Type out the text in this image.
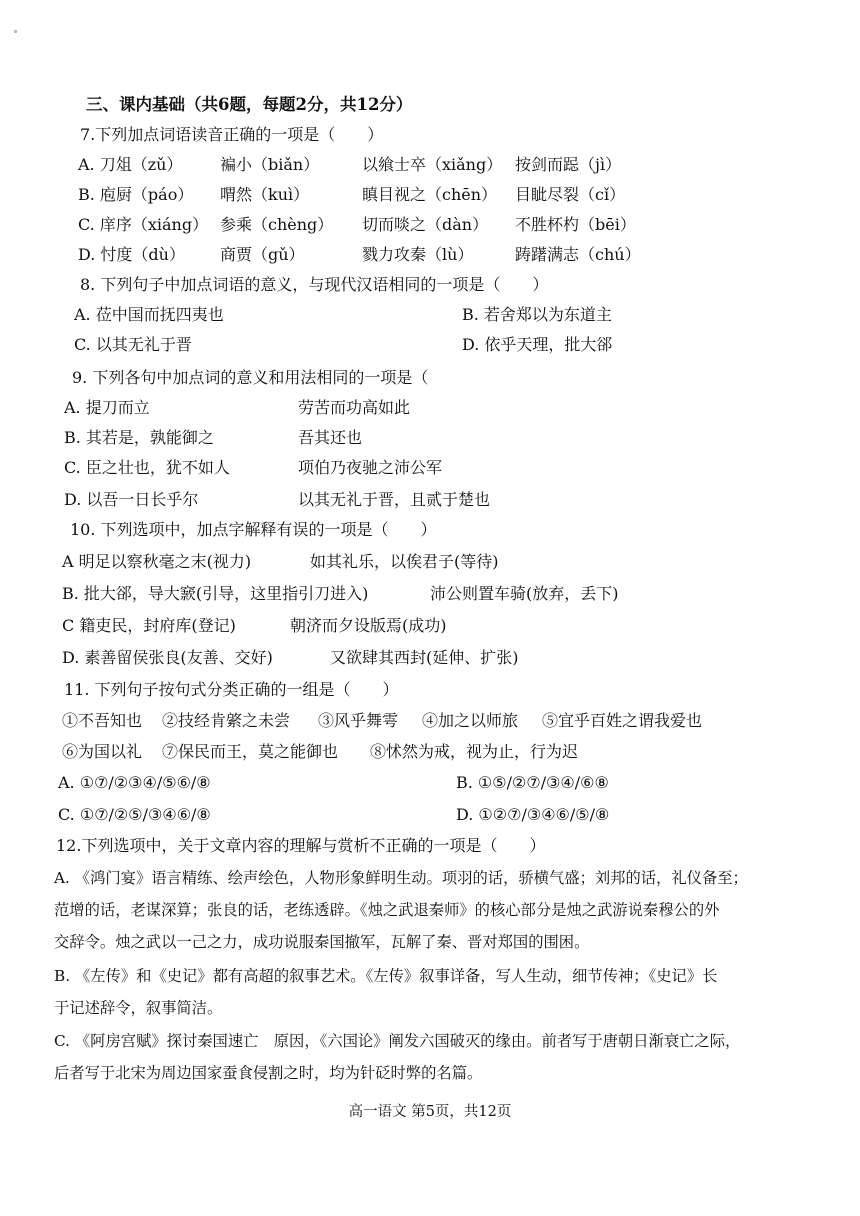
三、课内基础（共6题，每题2分，共12分）
7.下列加点词语读音正确的一项是（　　）
A. 刀俎（zǔ） 褊小（biǎn）	以飨士卒（xiǎng） 按剑而跽（jì）
B. 庖厨（páo） 喟然（kuì）	瞋目视之（chēn） 目眦尽裂（cǐ）
C. 庠序（xiáng） 参乘（chèng） 切而啖之（dàn） 不胜杯杓（bēi）
D. 忖度（dù） 商贾（gǔ）	戮力攻秦（lù）	踌躇满志（chú）
8. 下列句子中加点词语的意义，与现代汉语相同的一项是（　　）
A. 莅中国而抚四夷也	B. 若舍郑以为东道主
C. 以其无礼于晋	D. 依乎天理，批大郤
9. 下列各句中加点词的意义和用法相同的一项是（
A. 提刀而立	劳苦而功高如此
B. 其若是，孰能御之	吾其还也
C. 臣之壮也，犹不如人	项伯乃夜驰之沛公军
D. 以吾一日长乎尔	以其无礼于晋，且贰于楚也
10. 下列选项中，加点字解释有误的一项是（　　）
A 明足以察秋毫之末(视力)	如其礼乐，以俟君子(等待)
B. 批大郤，导大窾(引导，这里指引刀进入)	沛公则置车骑(放弃，丢下)
C 籍吏民，封府库(登记)	朝济而夕设版焉(成功)
D. 素善留侯张良(友善、交好)	又欲肆其西封(延伸、扩张)
11. 下列句子按句式分类正确的一组是（　　）
①不吾知也 ②技经肯綮之未尝 ③风乎舞雩 ④加之以师旅 ⑤宜乎百姓之谓我爱也
⑥为国以礼 ⑦保民而王，莫之能御也 ⑧怵然为戒，视为止，行为迟
A. ①⑦/②③④/⑤⑥/⑧	B. ①⑤/②⑦/③④/⑥⑧
C. ①⑦/②⑤/③④⑥/⑧	D. ①②⑦/③④⑥/⑤/⑧
12.下列选项中，关于文章内容的理解与赏析不正确的一项是（　　）
A. 《鸿门宴》语言精练、绘声绘色，人物形象鲜明生动。项羽的话，骄横气盛；刘邦的话，礼仪备至；
范增的话，老谋深算；张良的话，老练透辟。《烛之武退秦师》的核心部分是烛之武游说秦穆公的外
交辞令。烛之武以一己之力，成功说服秦国撤军，瓦解了秦、晋对郑国的围困。
B. 《左传》和《史记》都有高超的叙事艺术。《左传》叙事详备，写人生动，细节传神；《史记》长
于记述辞令，叙事简洁。
C. 《阿房宫赋》探讨秦国速亡　原因，《六国论》阐发六国破灭的缘由。前者写于唐朝日渐衰亡之际，
后者写于北宋为周边国家蚕食侵割之时，均为针砭时弊的名篇。
高一语文 第5页，共12页
